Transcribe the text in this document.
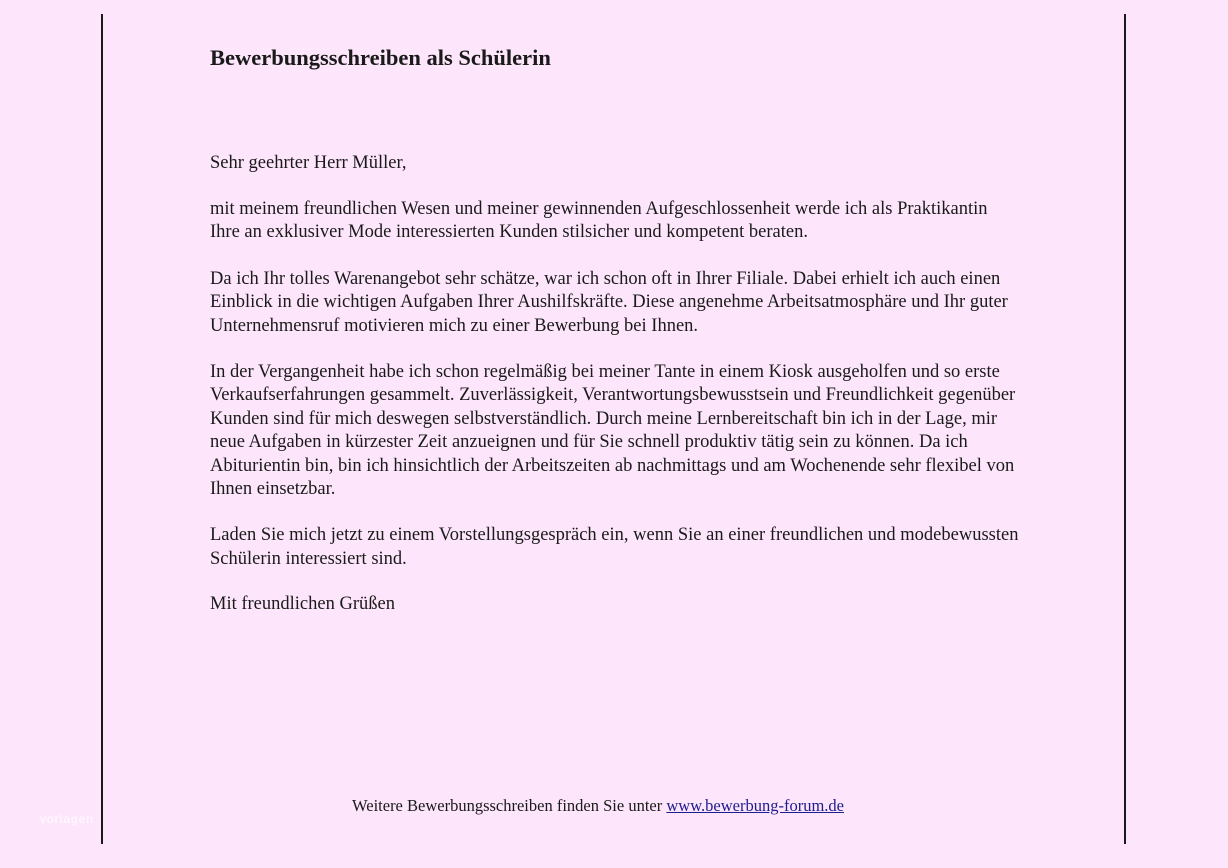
Bewerbungsschreiben als Schülerin

Sehr geehrter Herr Müller,

mit meinem freundlichen Wesen und meiner gewinnenden Aufgeschlossenheit werde ich als Praktikantin Ihre an exklusiver Mode interessierten Kunden stilsicher und kompetent beraten.

Da ich Ihr tolles Warenangebot sehr schätze, war ich schon oft in Ihrer Filiale. Dabei erhielt ich auch einen Einblick in die wichtigen Aufgaben Ihrer Aushilfskräfte. Diese angenehme Arbeitsatmosphäre und Ihr guter Unternehmensruf motivieren mich zu einer Bewerbung bei Ihnen.

In der Vergangenheit habe ich schon regelmäßig bei meiner Tante in einem Kiosk ausgeholfen und so erste Verkaufserfahrungen gesammelt. Zuverlässigkeit, Verantwortungsbewusstsein und Freundlichkeit gegenüber Kunden sind für mich deswegen selbstverständlich. Durch meine Lernbereitschaft bin ich in der Lage, mir neue Aufgaben in kürzester Zeit anzueignen und für Sie schnell produktiv tätig sein zu können. Da ich Abiturientin bin, bin ich hinsichtlich der Arbeitszeiten ab nachmittags und am Wochenende sehr flexibel von Ihnen einsetzbar.

Laden Sie mich jetzt zu einem Vorstellungsgespräch ein, wenn Sie an einer freundlichen und modebewussten Schülerin interessiert sind.

Mit freundlichen Grüßen

Weitere Bewerbungsschreiben finden Sie unter www.bewerbung-forum.de
vorlagen
